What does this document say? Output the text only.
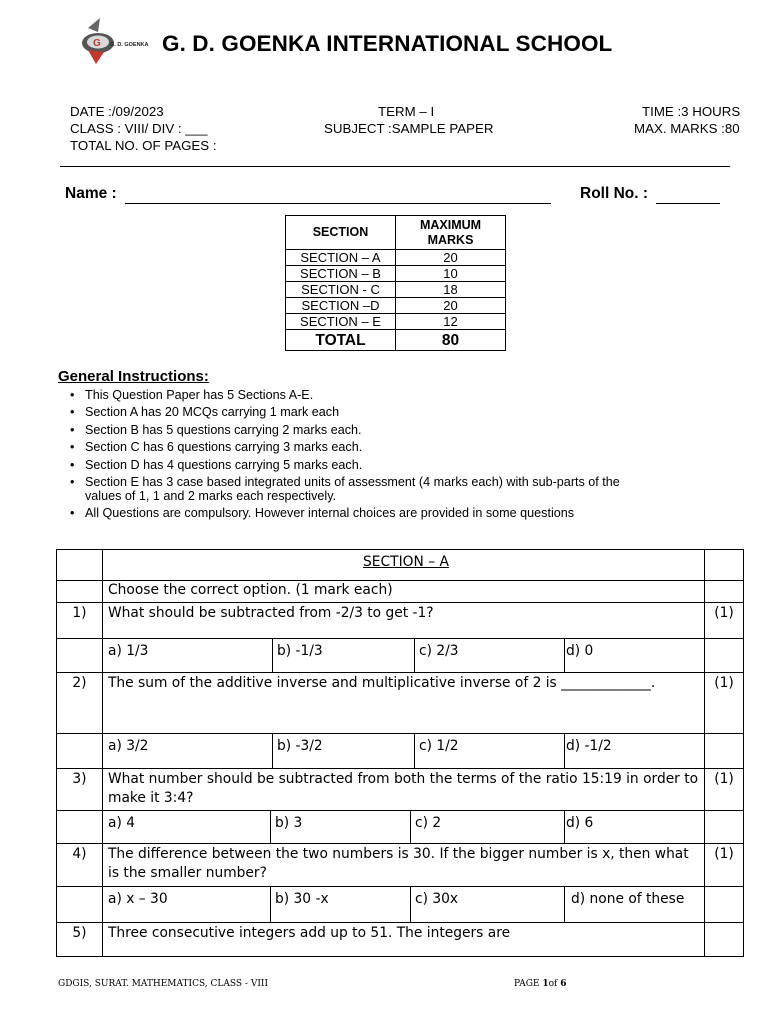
G G. D. GOENKA G. D. GOENKA INTERNATIONAL SCHOOL
DATE :/09/2023
CLASS : VIII/ DIV : ___
TOTAL NO. OF PAGES :
TERM – I
SUBJECT :SAMPLE PAPER
TIME :3 HOURS
MAX. MARKS :80
Name :	Roll No. :
SECTION	MAXIMUM
MARKS
SECTION – A	20
SECTION – B	10
SECTION - C	18
SECTION –D	20
SECTION – E	12
TOTAL	80
General Instructions:
• This Question Paper has 5 Sections A-E.
• Section A has 20 MCQs carrying 1 mark each
• Section B has 5 questions carrying 2 marks each.
• Section C has 6 questions carrying 3 marks each.
• Section D has 4 questions carrying 5 marks each.
• Section E has 3 case based integrated units of assessment (4 marks each) with sub-parts of the values of 1, 1 and 2 marks each respectively.
• All Questions are compulsory. However internal choices are provided in some questions
	SECTION – A	
	Choose the correct option. (1 mark each)	
1)	What should be subtracted from -2/3 to get -1?	(1)

	a) 1/3 b) -1/3 c) 2/3 d) 0	

2)	The sum of the additive inverse and multiplicative inverse of 2 is _____________.	(1)

	a) 3/2 b) -3/2 c) 1/2 d) -1/2	

3)	What number should be subtracted from both the terms of the ratio 15:19 in order to make it 3:4?	(1)

	a) 4 b) 3 c) 2 d) 6	

4)	The difference between the two numbers is 30. If the bigger number is x, then what is the smaller number?	(1)

	a) x – 30 b) 30 -x c) 30x d) none of these	

5)	Three consecutive integers add up to 51. The integers are	
GDGIS, SURAT. MATHEMATICS, CLASS - VIII	PAGE 1of 6
